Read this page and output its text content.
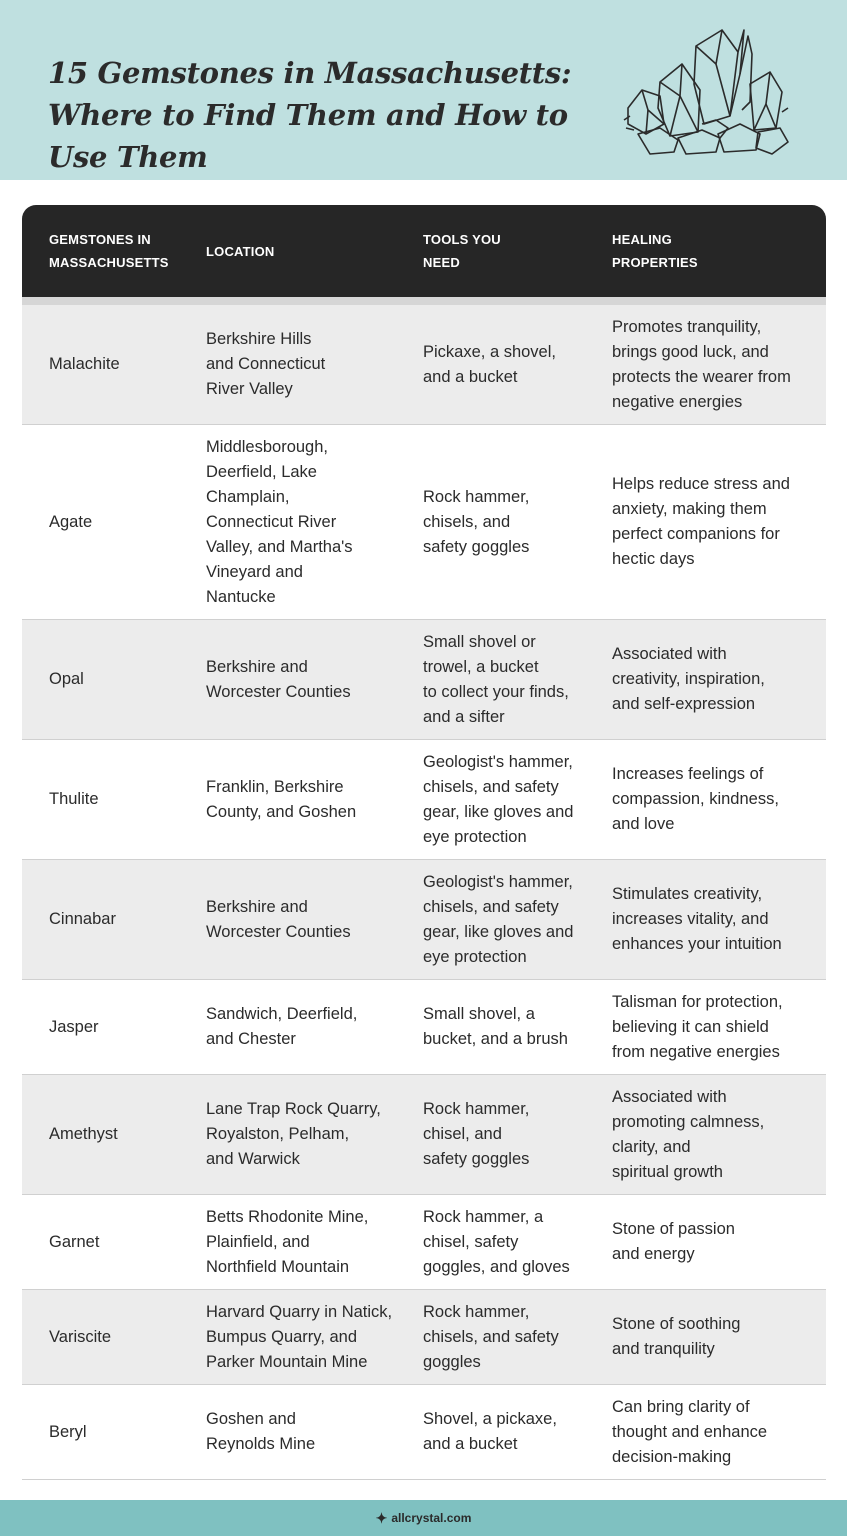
15 Gemstones in Massachusetts: Where to Find Them and How to Use Them
GEMSTONES IN
MASSACHUSETTS
LOCATION
TOOLS YOU
NEED
HEALING
PROPERTIES
Malachite
Berkshire Hills
and Connecticut
River Valley
Pickaxe, a shovel,
and a bucket
Promotes tranquility,
brings good luck, and
protects the wearer from
negative energies
Agate
Middlesborough,
Deerfield, Lake
Champlain,
Connecticut River
Valley, and Martha's
Vineyard and
Nantucke
Rock hammer,
chisels, and
safety goggles
Helps reduce stress and
anxiety, making them
perfect companions for
hectic days
Opal
Berkshire and
Worcester Counties
Small shovel or
trowel, a bucket
to collect your finds,
and a sifter
Associated with
creativity, inspiration,
and self-expression
Thulite
Franklin, Berkshire
County, and Goshen
Geologist's hammer,
chisels, and safety
gear, like gloves and
eye protection
Increases feelings of
compassion, kindness,
and love
Cinnabar
Berkshire and
Worcester Counties
Geologist's hammer,
chisels, and safety
gear, like gloves and
eye protection
Stimulates creativity,
increases vitality, and
enhances your intuition
Jasper
Sandwich, Deerfield,
and Chester
Small shovel, a
bucket, and a brush
Talisman for protection,
believing it can shield
from negative energies
Amethyst
Lane Trap Rock Quarry,
Royalston, Pelham,
and Warwick
Rock hammer,
chisel, and
safety goggles
Associated with
promoting calmness,
clarity, and
spiritual growth
Garnet
Betts Rhodonite Mine,
Plainfield, and
Northfield Mountain
Rock hammer, a
chisel, safety
goggles, and gloves
Stone of passion
and energy
Variscite
Harvard Quarry in Natick,
Bumpus Quarry, and
Parker Mountain Mine
Rock hammer,
chisels, and safety
goggles
Stone of soothing
and tranquility
Beryl
Goshen and
Reynolds Mine
Shovel, a pickaxe,
and a bucket
Can bring clarity of
thought and enhance
decision-making
✦ allcrystal.com
